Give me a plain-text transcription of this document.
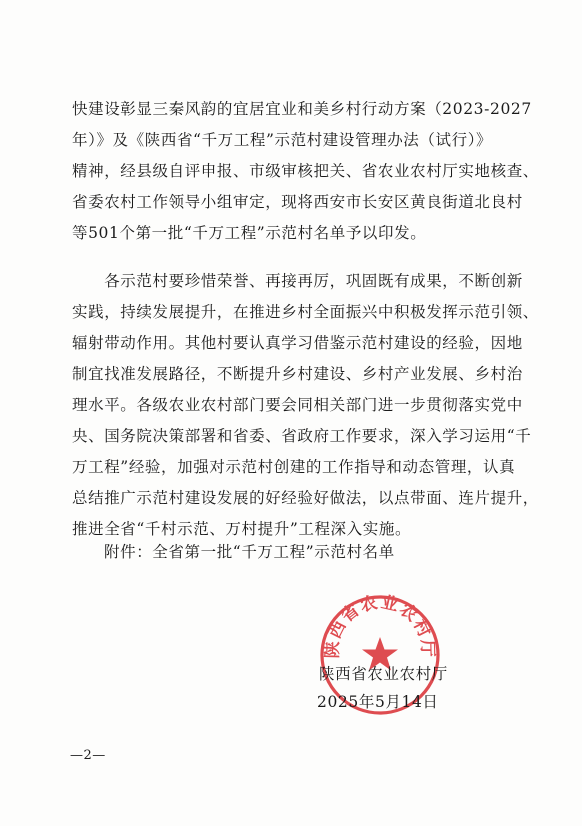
快建设彰显三秦风韵的宜居宜业和美乡村行动方案（2023-2027
年）》及《陕西省“千万工程”示范村建设管理办法（试行）》
精神，经县级自评申报、市级审核把关、省农业农村厅实地核查、
省委农村工作领导小组审定，现将西安市长安区黄良街道北良村
等501个第一批“千万工程”示范村名单予以印发。
　　各示范村要珍惜荣誉、再接再厉，巩固既有成果，不断创新
实践，持续发展提升，在推进乡村全面振兴中积极发挥示范引领、
辐射带动作用。其他村要认真学习借鉴示范村建设的经验，因地
制宜找准发展路径，不断提升乡村建设、乡村产业发展、乡村治
理水平。各级农业农村部门要会同相关部门进一步贯彻落实党中
央、国务院决策部署和省委、省政府工作要求，深入学习运用“千
万工程”经验，加强对示范村创建的工作指导和动态管理，认真
总结推广示范村建设发展的好经验好做法，以点带面、连片提升，
推进全省“千村示范、万村提升”工程深入实施。
附件：全省第一批“千万工程”示范村名单
陕西省农业农村厅
陕西省农业农村厅
2025年5月14日
—2—
